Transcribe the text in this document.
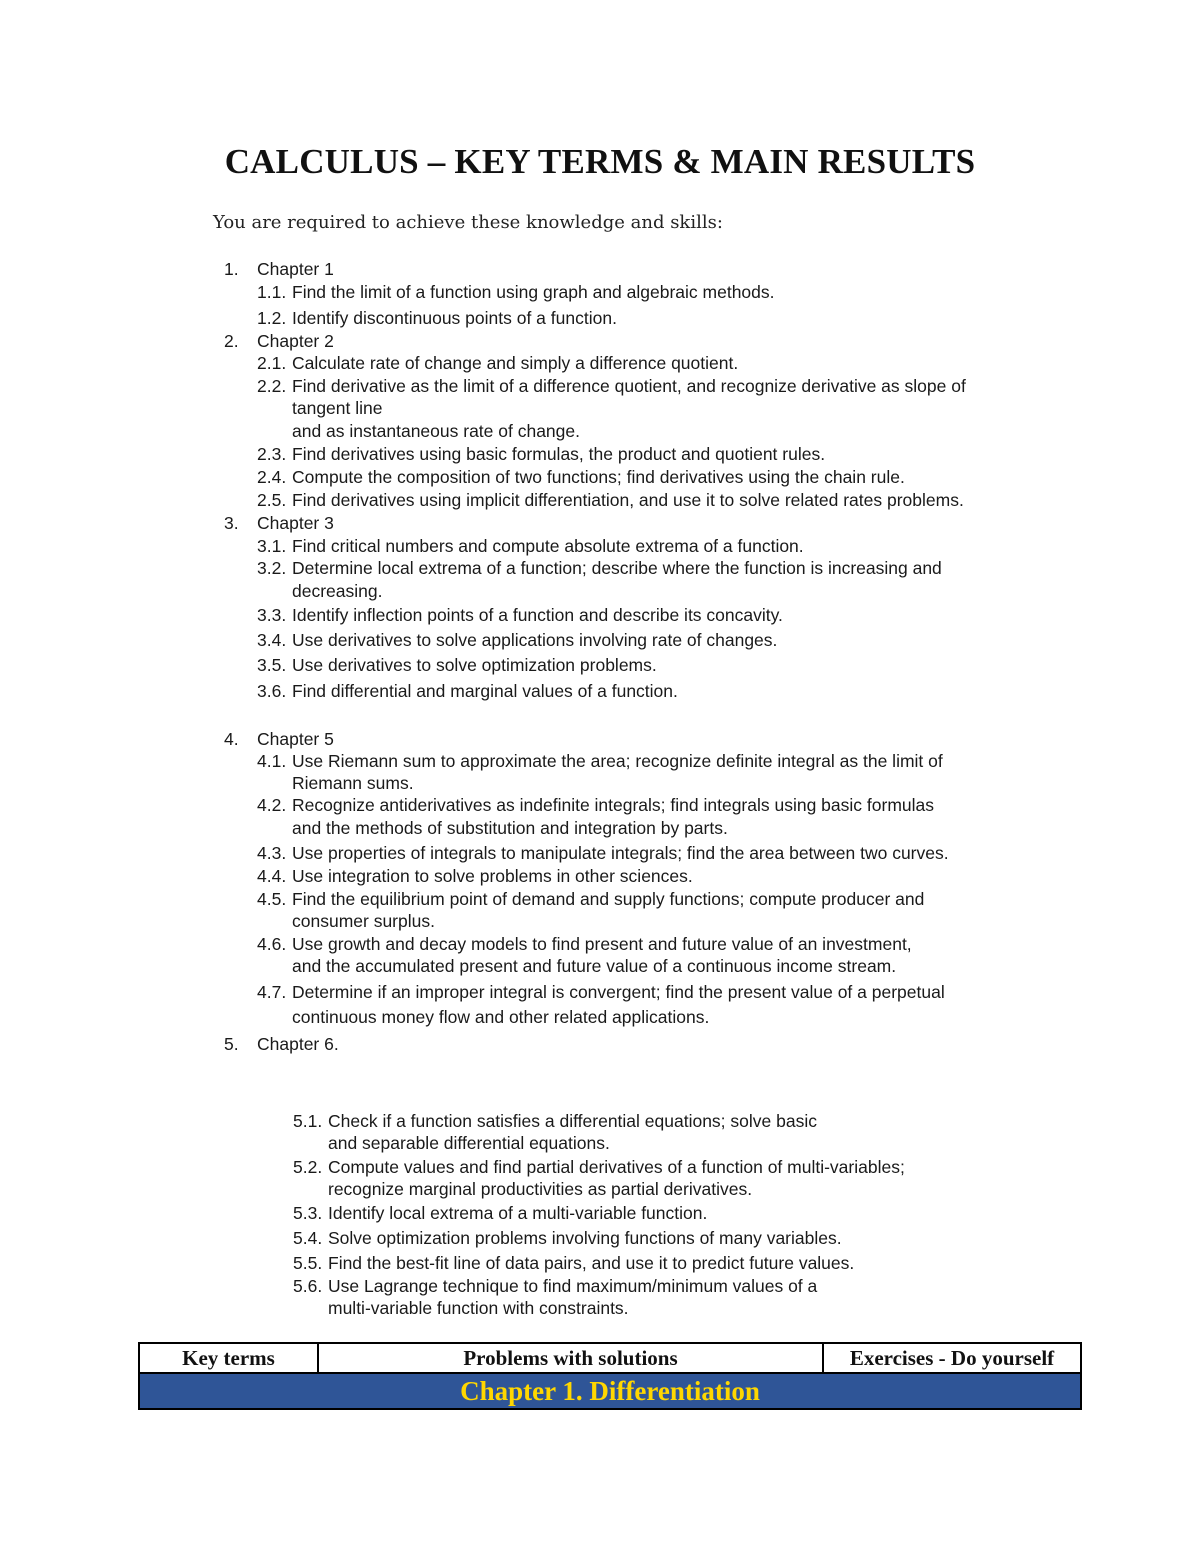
CALCULUS – KEY TERMS & MAIN RESULTS

You are required to achieve these knowledge and skills:

1. Chapter 1
1.1. Find the limit of a function using graph and algebraic methods.
1.2. Identify discontinuous points of a function.
2. Chapter 2
2.1. Calculate rate of change and simply a difference quotient.
2.2. Find derivative as the limit of a difference quotient, and recognize derivative as slope of
tangent line
and as instantaneous rate of change.
2.3. Find derivatives using basic formulas, the product and quotient rules.
2.4. Compute the composition of two functions; find derivatives using the chain rule.
2.5. Find derivatives using implicit differentiation, and use it to solve related rates problems.
3. Chapter 3
3.1. Find critical numbers and compute absolute extrema of a function.
3.2. Determine local extrema of a function; describe where the function is increasing and
decreasing.
3.3. Identify inflection points of a function and describe its concavity.
3.4. Use derivatives to solve applications involving rate of changes.
3.5. Use derivatives to solve optimization problems.
3.6. Find differential and marginal values of a function.
4. Chapter 5
4.1. Use Riemann sum to approximate the area; recognize definite integral as the limit of
Riemann sums.
4.2. Recognize antiderivatives as indefinite integrals; find integrals using basic formulas
and the methods of substitution and integration by parts.
4.3. Use properties of integrals to manipulate integrals; find the area between two curves.
4.4. Use integration to solve problems in other sciences.
4.5. Find the equilibrium point of demand and supply functions; compute producer and
consumer surplus.
4.6. Use growth and decay models to find present and future value of an investment,
and the accumulated present and future value of a continuous income stream.
4.7. Determine if an improper integral is convergent; find the present value of a perpetual
continuous money flow and other related applications.
5. Chapter 6.
5.1. Check if a function satisfies a differential equations; solve basic
and separable differential equations.
5.2. Compute values and find partial derivatives of a function of multi-variables;
recognize marginal productivities as partial derivatives.
5.3. Identify local extrema of a multi-variable function.
5.4. Solve optimization problems involving functions of many variables.
5.5. Find the best-fit line of data pairs, and use it to predict future values.
5.6. Use Lagrange technique to find maximum/minimum values of a
multi-variable function with constraints.
Key terms	Problems with solutions	Exercises - Do yourself
Chapter 1. Differentiation
